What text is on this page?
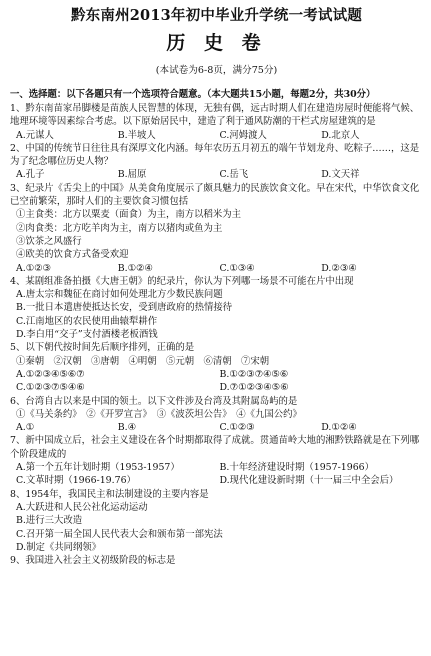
黔东南州2013年初中毕业升学统一考试试题
历 史 卷
(本试卷为6-8页，满分75分)
一、选择题：以下各题只有一个选项符合题意。（本大题共15小题，每题2分，共30分）
1、黔东南苗家吊脚楼是苗族人民智慧的体现，无独有偶，远古时期人们在建造房屋时便能将气候、地理环境等因素综合考虑。以下原始居民中，建造了利于通风防潮的干栏式房屋建筑的是
A.元谋人	B.半坡人	C.河姆渡人	D.北京人
2、中国的传统节日往往具有深厚文化内涵。每年农历五月初五的端午节划龙舟、吃粽子……，这是为了纪念哪位历史人物？
A.孔子	B.屈原	C.岳飞	D.文天祥
3、纪录片《舌尖上的中国》从美食角度展示了颇具魅力的民族饮食文化。早在宋代，中华饮食文化已空前繁荣，那时人们的主要饮食习惯包括
①主食类：北方以粟麦（面食）为主，南方以稻米为主
②肉食类：北方吃羊肉为主，南方以猪肉或鱼为主
③饮茶之风盛行
④欧美的饮食方式备受欢迎
A.①②③	B.①②④	C.①③④	D.②③④
4、某剧组准备拍摄《大唐王朝》的纪录片，你认为下列哪一场景不可能在片中出现
A.唐太宗和魏征在商讨如何处理北方少数民族问题
B.一批日本遣唐使抵达长安，受到唐政府的热情接待
C.江南地区的农民使用曲辕犁耕作
D.李白用“交子”支付酒楼老板酒钱
5、以下朝代按时间先后顺序排列，正确的是
①秦朝　②汉朝　③唐朝　④明朝　⑤元朝　⑥清朝　⑦宋朝
A.①②③④⑤⑥⑦	B.①②③⑦④⑤⑥
C.①②③⑦⑤④⑥	D.⑦①②③④⑤⑥
6、台湾自古以来是中国的领土。以下文件涉及台湾及其附属岛屿的是
①《马关条约》　②《开罗宣言》　③《波茨坦公告》　④《九国公约》
A.①	B.④	C.①②③	D.①②④
7、新中国成立后，社会主义建设在各个时期都取得了成就。贯通苗岭大地的湘黔铁路就是在下列哪个阶段建成的
A.第一个五年计划时期（1953-1957）	B.十年经济建设时期（1957-1966）
C.文革时期（1966-19.76）	D.现代化建设新时期（十一届三中全会后）
8、1954年，我国民主和法制建设的主要内容是
A.大跃进和人民公社化运动运动
B.进行三大改造
C.召开第一届全国人民代表大会和颁布第一部宪法
D.制定《共同纲领》
9、我国进入社会主义初级阶段的标志是
